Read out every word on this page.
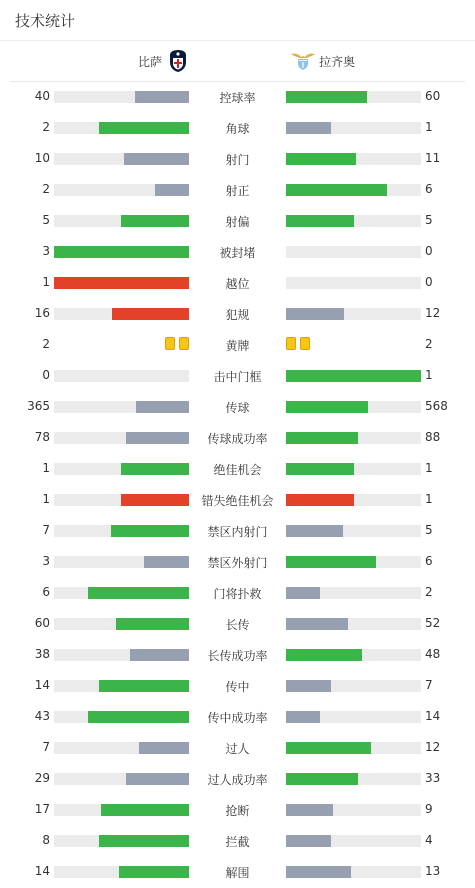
技术统计
比萨	拉齐奥
40	控球率	60
2	角球	1
10	射门	11
2	射正	6
5	射偏	5
3	被封堵	0
1	越位	0
16	犯规	12
2	黄牌	2
0	击中门框	1
365	传球	568
78	传球成功率	88
1	绝佳机会	1
1	错失绝佳机会	1
7	禁区内射门	5
3	禁区外射门	6
6	门将扑救	2
60	长传	52
38	长传成功率	48
14	传中	7
43	传中成功率	14
7	过人	12
29	过人成功率	33
17	抢断	9
8	拦截	4
14	解围	13
